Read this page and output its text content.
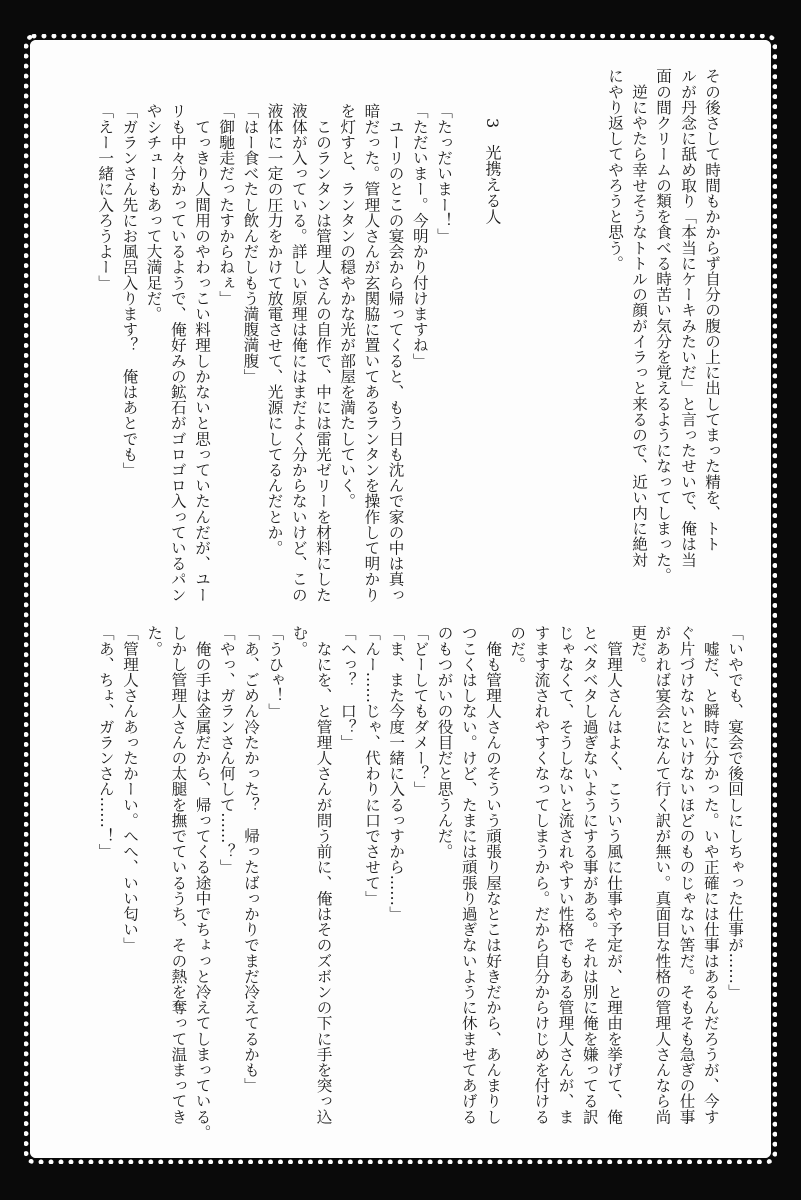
3　光携える人	その後さして時間もかからず自分の腹の上に出してまった精を、トト
ルが丹念に舐め取り「本当にケーキみたいだ」と言ったせいで、俺は当
面の間クリームの類を食べる時苦い気分を覚えるようになってしまった。
　逆にやたら幸せそうなトトルの顔がイラっと来るので、近い内に絶対
にやり返してやろうと思う。
「たっだいまー！」
「ただいまー。今明かり付けますね」
　ユーリのとこの宴会から帰ってくると、もう日も沈んで家の中は真っ
暗だった。管理人さんが玄関脇に置いてあるランタンを操作して明かり
を灯すと、ランタンの穏やかな光が部屋を満たしていく。
　このランタンは管理人さんの自作で、中には雷光ゼリーを材料にした
液体が入っている。詳しい原理は俺にはまだよく分からないけど、この
液体に一定の圧力をかけて放電させて、光源にしてるんだとか。
「はー食べたし飲んだしもう満腹満腹」
「御馳走だったすからねぇ」
　てっきり人間用のやわっこい料理しかないと思っていたんだが、ユー
リも中々分かっているようで、俺好みの鉱石がゴロゴロ入っているパン
やシチューもあって大満足だ。
「ガランさん先にお風呂入ります？　俺はあとでも」
「えー一緒に入ろうよー」
「いやでも、宴会で後回しにしちゃった仕事が……」
　嘘だ、と瞬時に分かった。いや正確には仕事はあるんだろうが、今す
ぐ片づけないといけないほどのものじゃない筈だ。そもそも急ぎの仕事
があれば宴会になんて行く訳が無い。真面目な性格の管理人さんなら尚
更だ。
　管理人さんはよく、こういう風に仕事や予定が、と理由を挙げて、俺
とベタベタし過ぎないようにする事がある。それは別に俺を嫌ってる訳
じゃなくて、そうしないと流されやすい性格でもある管理人さんが、ま
すます流されやすくなってしまうから。だから自分からけじめを付ける
のだ。
　俺も管理人さんのそういう頑張り屋なとこは好きだから、あんまりし
つこくはしない。けど、たまには頑張り過ぎないように休ませてあげる
のもつがいの役目だと思うんだ。
「どーしてもダメー？」
「ま、また今度一緒に入るっすから……」
「んー……じゃ、代わりに口でさせて」
「へっ？　口？」
　なにを、と管理人さんが問う前に、俺はそのズボンの下に手を突っ込
む。
「うひゃ！」
「あ、ごめん冷たかった？　帰ったばっかりでまだ冷えてるかも」
「やっ、ガランさん何して……？」
　俺の手は金属だから、帰ってくる途中でちょっと冷えてしまっている。
しかし管理人さんの太腿を撫でているうち、その熱を奪って温まってき
た。
「管理人さんあったかーい。へへ、いい匂い」
「あ、ちょ、ガランさん……！」
